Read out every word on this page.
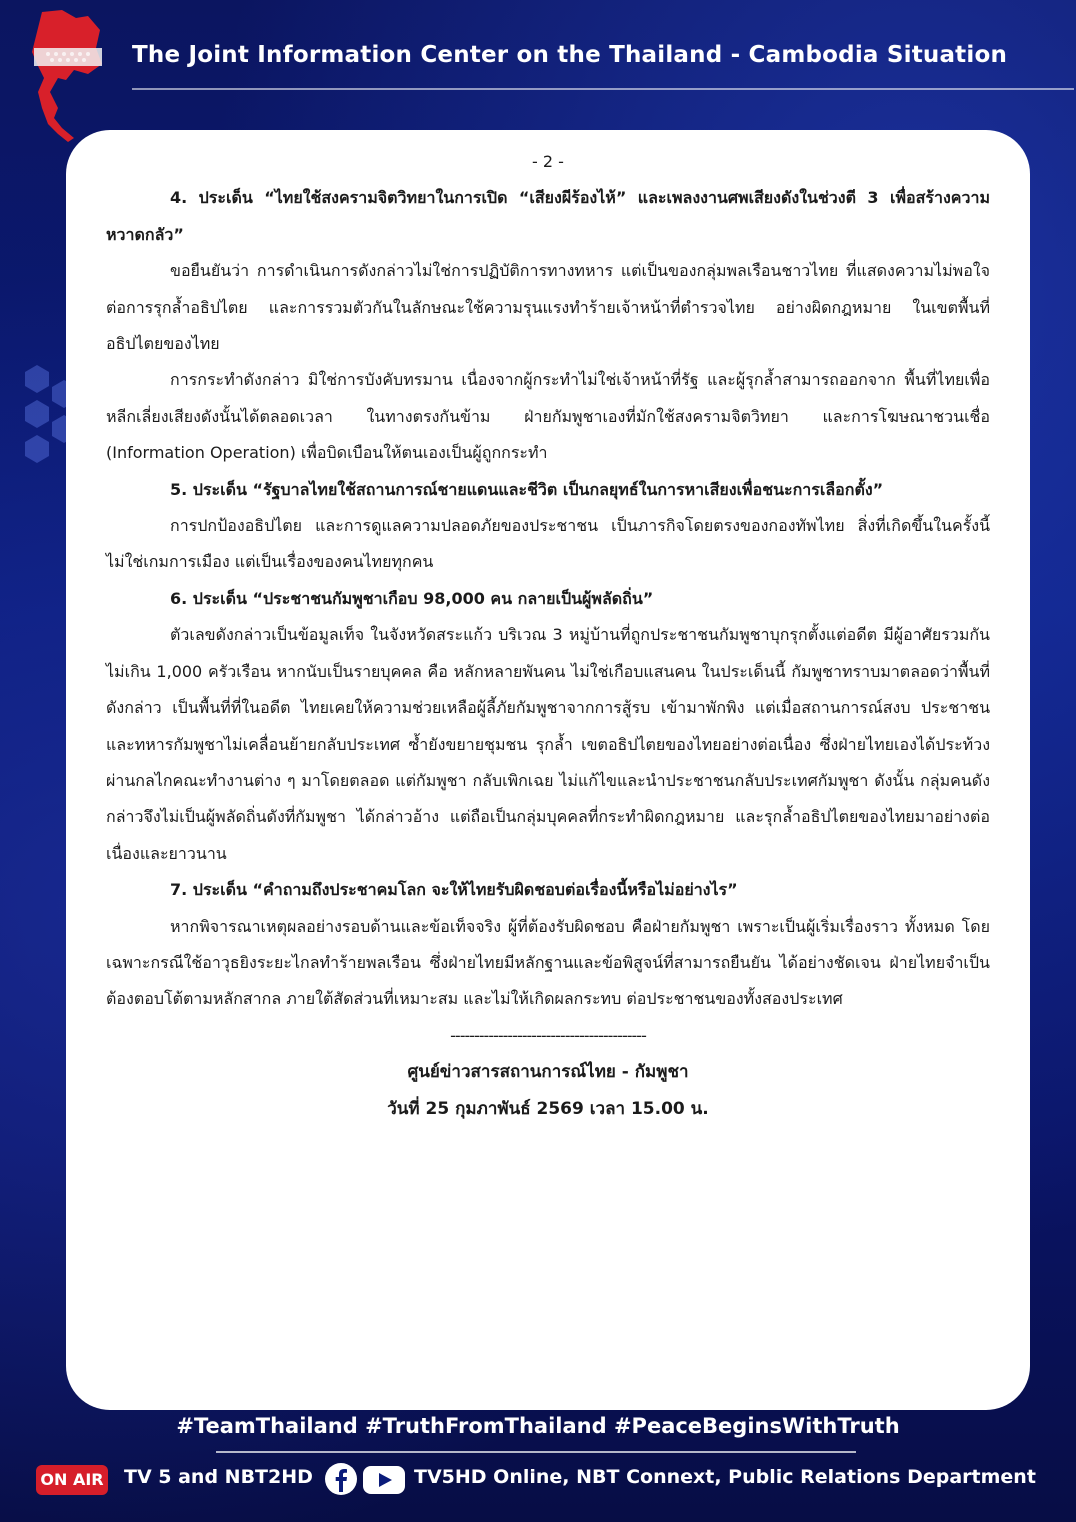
The Joint Information Center on the Thailand - Cambodia Situation

- 2 -

4. ประเด็น “ไทยใช้สงครามจิตวิทยาในการเปิด “เสียงผีร้องไห้” และเพลงงานศพเสียงดังในช่วงตี 3 เพื่อสร้างความหวาดกลัว”

ขอยืนยันว่า การดำเนินการดังกล่าวไม่ใช่การปฏิบัติการทางทหาร แต่เป็นของกลุ่มพลเรือนชาวไทย ที่แสดงความไม่พอใจต่อการรุกล้ำอธิปไตย และการรวมตัวกันในลักษณะใช้ความรุนแรงทำร้ายเจ้าหน้าที่ตำรวจไทย อย่างผิดกฎหมาย ในเขตพื้นที่อธิปไตยของไทย

การกระทำดังกล่าว มิใช่การบังคับทรมาน เนื่องจากผู้กระทำไม่ใช่เจ้าหน้าที่รัฐ และผู้รุกล้ำสามารถออกจาก พื้นที่ไทยเพื่อหลีกเลี่ยงเสียงดังนั้นได้ตลอดเวลา ในทางตรงกันข้าม ฝ่ายกัมพูชาเองที่มักใช้สงครามจิตวิทยา และการโฆษณาชวนเชื่อ (Information Operation) เพื่อบิดเบือนให้ตนเองเป็นผู้ถูกกระทำ

5. ประเด็น “รัฐบาลไทยใช้สถานการณ์ชายแดนและชีวิต เป็นกลยุทธ์ในการหาเสียงเพื่อชนะการเลือกตั้ง”

การปกป้องอธิปไตย และการดูแลความปลอดภัยของประชาชน เป็นภารกิจโดยตรงของกองทัพไทย สิ่งที่เกิดขึ้นในครั้งนี้ ไม่ใช่เกมการเมือง แต่เป็นเรื่องของคนไทยทุกคน

6. ประเด็น “ประชาชนกัมพูชาเกือบ 98,000 คน กลายเป็นผู้พลัดถิ่น”

ตัวเลขดังกล่าวเป็นข้อมูลเท็จ ในจังหวัดสระแก้ว บริเวณ 3 หมู่บ้านที่ถูกประชาชนกัมพูชาบุกรุกตั้งแต่อดีต มีผู้อาศัยรวมกัน ไม่เกิน 1,000 ครัวเรือน หากนับเป็นรายบุคคล คือ หลักหลายพันคน ไม่ใช่เกือบแสนคน ในประเด็นนี้ กัมพูชาทราบมาตลอดว่าพื้นที่ดังกล่าว เป็นพื้นที่ที่ในอดีต ไทยเคยให้ความช่วยเหลือผู้ลี้ภัยกัมพูชาจากการสู้รบ เข้ามาพักพิง แต่เมื่อสถานการณ์สงบ ประชาชนและทหารกัมพูชาไม่เคลื่อนย้ายกลับประเทศ ซ้ำยังขยายชุมชน รุกล้ำ เขตอธิปไตยของไทยอย่างต่อเนื่อง ซึ่งฝ่ายไทยเองได้ประท้วงผ่านกลไกคณะทำงานต่าง ๆ มาโดยตลอด แต่กัมพูชา กลับเพิกเฉย ไม่แก้ไขและนำประชาชนกลับประเทศกัมพูชา ดังนั้น กลุ่มคนดังกล่าวจึงไม่เป็นผู้พลัดถิ่นดังที่กัมพูชา ได้กล่าวอ้าง แต่ถือเป็นกลุ่มบุคคลที่กระทำผิดกฎหมาย และรุกล้ำอธิปไตยของไทยมาอย่างต่อเนื่องและยาวนาน

7. ประเด็น “คำถามถึงประชาคมโลก จะให้ไทยรับผิดชอบต่อเรื่องนี้หรือไม่อย่างไร”

หากพิจารณาเหตุผลอย่างรอบด้านและข้อเท็จจริง ผู้ที่ต้องรับผิดชอบ คือฝ่ายกัมพูชา เพราะเป็นผู้เริ่มเรื่องราว ทั้งหมด โดยเฉพาะกรณีใช้อาวุธยิงระยะไกลทำร้ายพลเรือน ซึ่งฝ่ายไทยมีหลักฐานและข้อพิสูจน์ที่สามารถยืนยัน ได้อย่างชัดเจน ฝ่ายไทยจำเป็นต้องตอบโต้ตามหลักสากล ภายใต้สัดส่วนที่เหมาะสม และไม่ให้เกิดผลกระทบ ต่อประชาชนของทั้งสองประเทศ

-----------------------------------------

ศูนย์ข่าวสารสถานการณ์ไทย - กัมพูชา

วันที่ 25 กุมภาพันธ์ 2569 เวลา 15.00 น.

#TeamThailand #TruthFromThailand #PeaceBeginsWithTruth
ON AIR TV 5 and NBT2HD	TV5HD Online, NBT Connext, Public Relations Department
